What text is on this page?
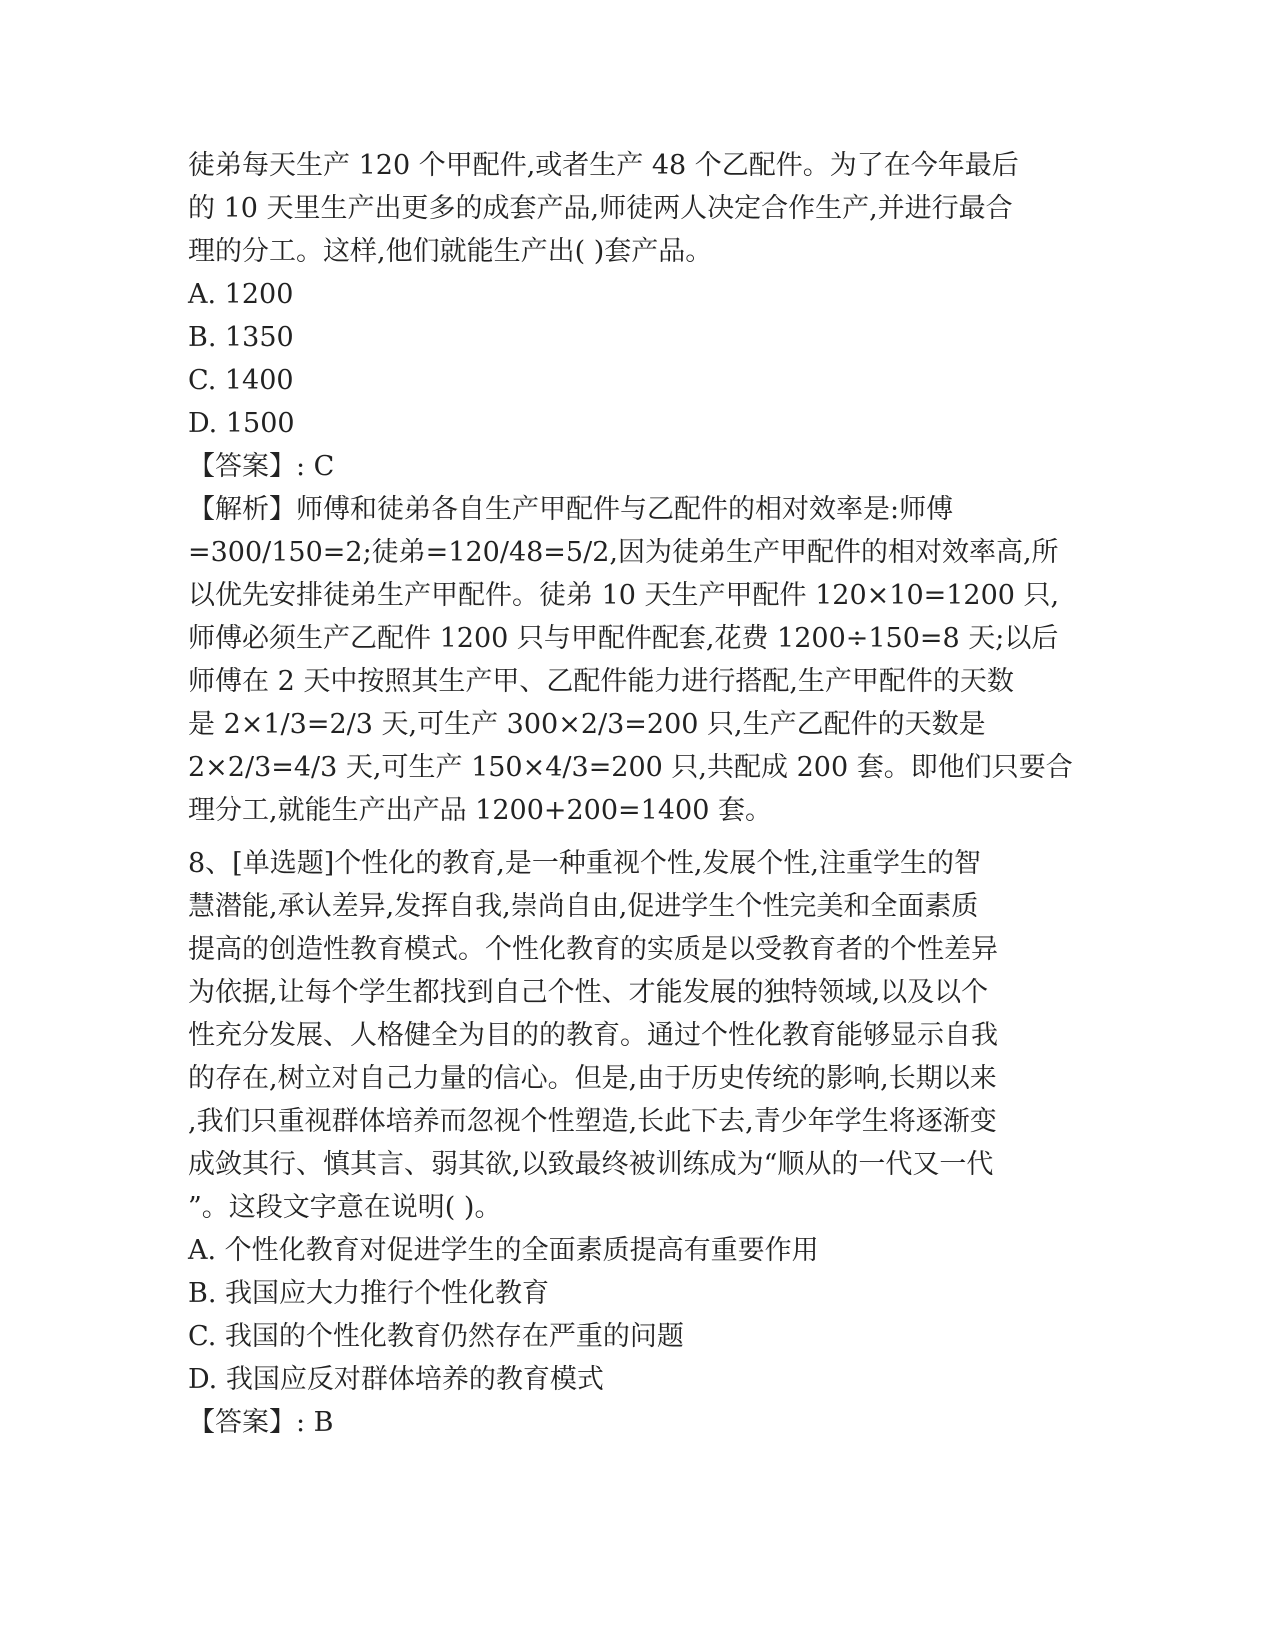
徒弟每天生产 120 个甲配件,或者生产 48 个乙配件。为了在今年最后
的 10 天里生产出更多的成套产品,师徒两人决定合作生产,并进行最合
理的分工。这样,他们就能生产出( )套产品。
A. 1200
B. 1350
C. 1400
D. 1500
【答案】: C
【解析】师傅和徒弟各自生产甲配件与乙配件的相对效率是:师傅
=300/150=2;徒弟=120/48=5/2,因为徒弟生产甲配件的相对效率高,所
以优先安排徒弟生产甲配件。徒弟 10 天生产甲配件 120×10=1200 只,
师傅必须生产乙配件 1200 只与甲配件配套,花费 1200÷150=8 天;以后
师傅在 2 天中按照其生产甲、乙配件能力进行搭配,生产甲配件的天数
是 2×1/3=2/3 天,可生产 300×2/3=200 只,生产乙配件的天数是
2×2/3=4/3 天,可生产 150×4/3=200 只,共配成 200 套。即他们只要合
理分工,就能生产出产品 1200+200=1400 套。
8、[单选题]个性化的教育,是一种重视个性,发展个性,注重学生的智
慧潜能,承认差异,发挥自我,崇尚自由,促进学生个性完美和全面素质
提高的创造性教育模式。个性化教育的实质是以受教育者的个性差异
为依据,让每个学生都找到自己个性、才能发展的独特领域,以及以个
性充分发展、人格健全为目的的教育。通过个性化教育能够显示自我
的存在,树立对自己力量的信心。但是,由于历史传统的影响,长期以来
,我们只重视群体培养而忽视个性塑造,长此下去,青少年学生将逐渐变
成敛其行、慎其言、弱其欲,以致最终被训练成为“顺从的一代又一代
”。这段文字意在说明( )。
A. 个性化教育对促进学生的全面素质提高有重要作用
B. 我国应大力推行个性化教育
C. 我国的个性化教育仍然存在严重的问题
D. 我国应反对群体培养的教育模式
【答案】: B
